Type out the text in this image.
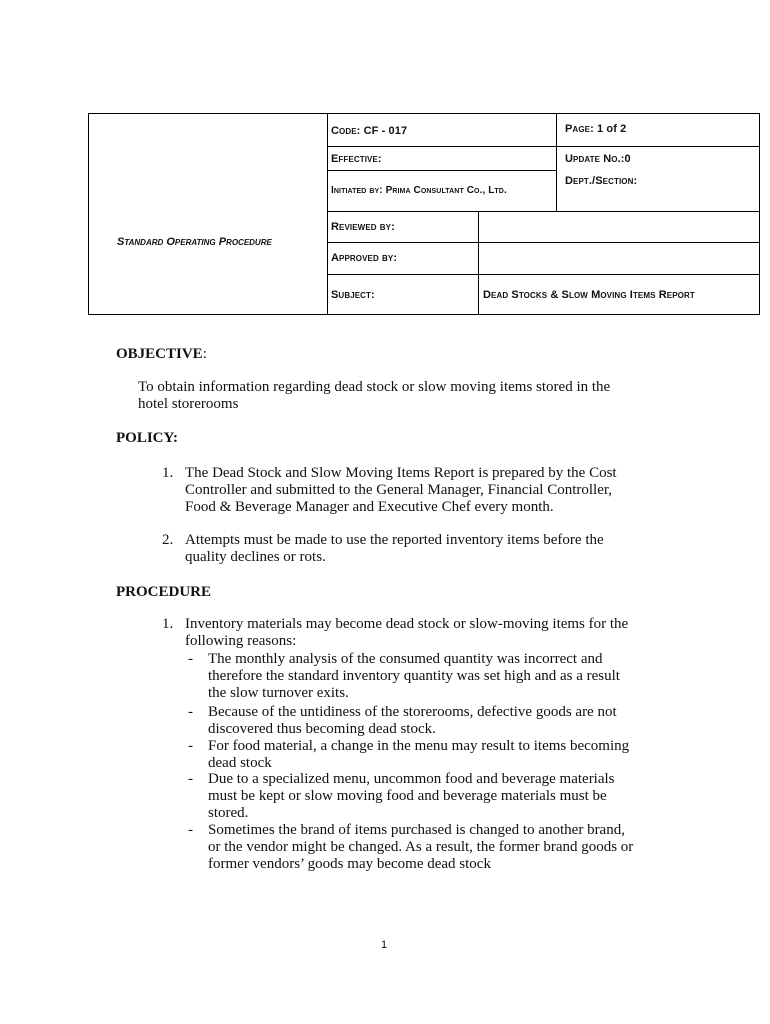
Standard Operating Procedure
Code: CF - 017	Page: 1 of 2
Effective:	Update No.:0
Initiated by: Prima Consultant Co., Ltd.
Dept./Section:
Reviewed by:
Approved by:
Subject:	Dead Stocks & Slow Moving Items Report
OBJECTIVE:
To obtain information regarding dead stock or slow moving items stored in the
hotel storerooms
POLICY:
1. The Dead Stock and Slow Moving Items Report is prepared by the Cost
Controller and submitted to the General Manager, Financial Controller,
Food & Beverage Manager and Executive Chef every month.
2. Attempts must be made to use the reported inventory items before the
quality declines or rots.
PROCEDURE
1. Inventory materials may become dead stock or slow-moving items for the
following reasons:
- The monthly analysis of the consumed quantity was incorrect and
therefore the standard inventory quantity was set high and as a result
the slow turnover exits.
- Because of the untidiness of the storerooms, defective goods are not
discovered thus becoming dead stock.
- For food material, a change in the menu may result to items becoming
dead stock
- Due to a specialized menu, uncommon food and beverage materials
must be kept or slow moving food and beverage materials must be
stored.
- Sometimes the brand of items purchased is changed to another brand,
or the vendor might be changed. As a result, the former brand goods or
former vendors’ goods may become dead stock
1
